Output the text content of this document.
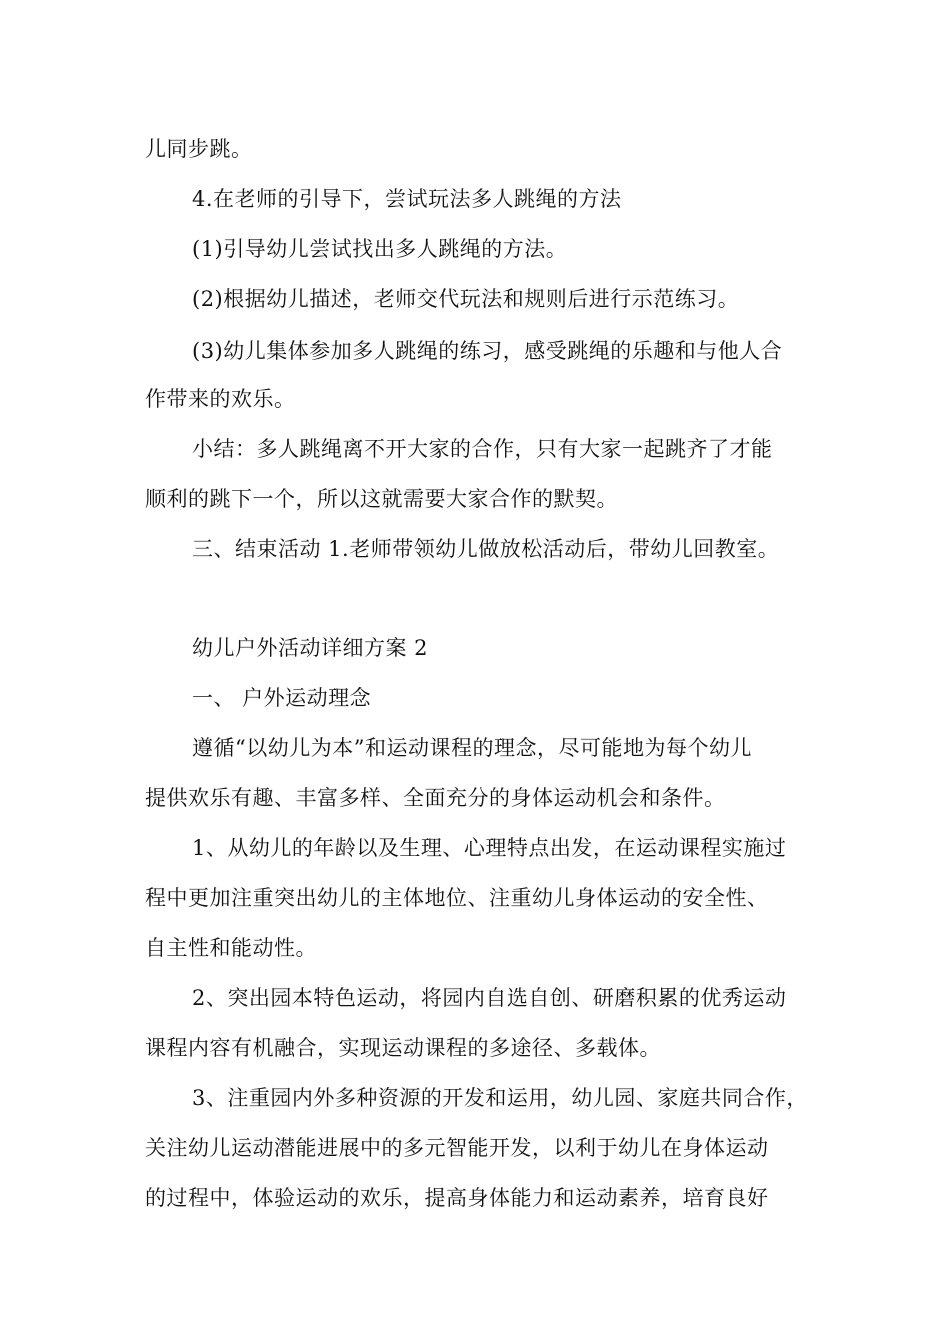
儿同步跳。
4.在老师的引导下，尝试玩法多人跳绳的方法
(1)引导幼儿尝试找出多人跳绳的方法。
(2)根据幼儿描述，老师交代玩法和规则后进行示范练习。
(3)幼儿集体参加多人跳绳的练习，感受跳绳的乐趣和与他人合
作带来的欢乐。
小结：多人跳绳离不开大家的合作，只有大家一起跳齐了才能
顺利的跳下一个，所以这就需要大家合作的默契。
三、结束活动 1.老师带领幼儿做放松活动后，带幼儿回教室。
幼儿户外活动详细方案 2
一、 户外运动理念
遵循“以幼儿为本”和运动课程的理念，尽可能地为每个幼儿
提供欢乐有趣、丰富多样、全面充分的身体运动机会和条件。
1、从幼儿的年龄以及生理、心理特点出发，在运动课程实施过
程中更加注重突出幼儿的主体地位、注重幼儿身体运动的安全性、
自主性和能动性。
2、突出园本特色运动，将园内自选自创、研磨积累的优秀运动
课程内容有机融合，实现运动课程的多途径、多载体。
3、注重园内外多种资源的开发和运用，幼儿园、家庭共同合作，
关注幼儿运动潜能进展中的多元智能开发，以利于幼儿在身体运动
的过程中，体验运动的欢乐，提高身体能力和运动素养，培育良好
